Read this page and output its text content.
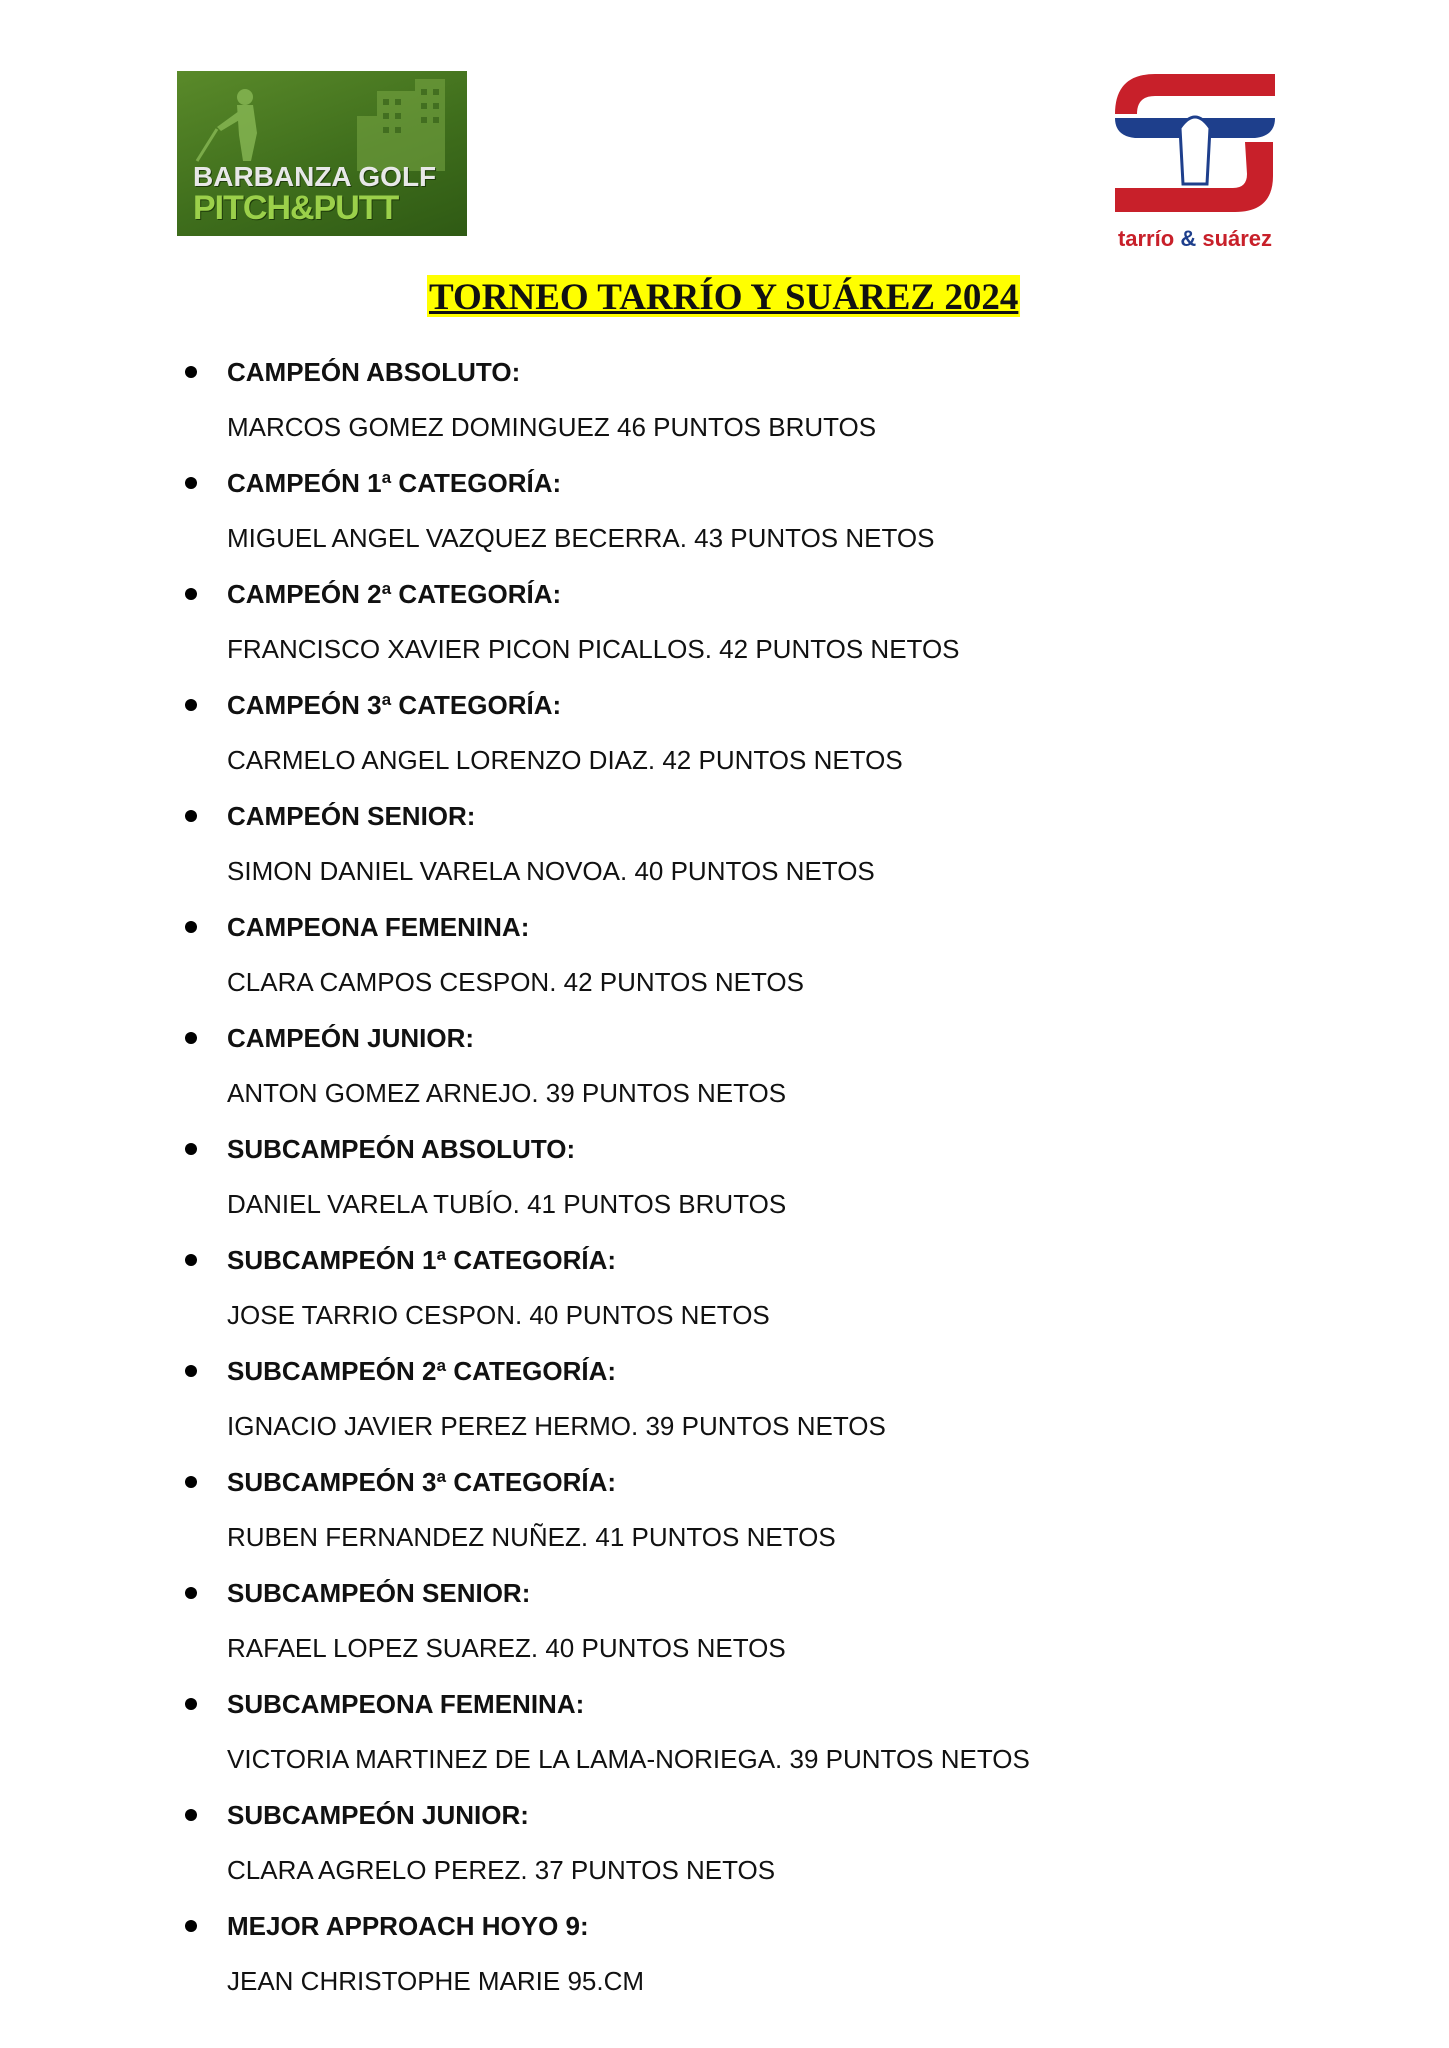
BARBANZA GOLF
PITCH&PUTT
tarrío & suárez
TORNEO TARRÍO Y SUÁREZ 2024
CAMPEÓN ABSOLUTO:
MARCOS GOMEZ DOMINGUEZ 46 PUNTOS BRUTOS
CAMPEÓN 1ª CATEGORÍA:
MIGUEL ANGEL VAZQUEZ BECERRA. 43 PUNTOS NETOS
CAMPEÓN 2ª CATEGORÍA:
FRANCISCO XAVIER PICON PICALLOS. 42 PUNTOS NETOS
CAMPEÓN 3ª CATEGORÍA:
CARMELO ANGEL LORENZO DIAZ. 42 PUNTOS NETOS
CAMPEÓN SENIOR:
SIMON DANIEL VARELA NOVOA. 40 PUNTOS NETOS
CAMPEONA FEMENINA:
CLARA CAMPOS CESPON. 42 PUNTOS NETOS
CAMPEÓN JUNIOR:
ANTON GOMEZ ARNEJO. 39 PUNTOS NETOS
SUBCAMPEÓN ABSOLUTO:
DANIEL VARELA TUBÍO. 41 PUNTOS BRUTOS
SUBCAMPEÓN 1ª CATEGORÍA:
JOSE TARRIO CESPON. 40 PUNTOS NETOS
SUBCAMPEÓN 2ª CATEGORÍA:
IGNACIO JAVIER PEREZ HERMO. 39 PUNTOS NETOS
SUBCAMPEÓN 3ª CATEGORÍA:
RUBEN FERNANDEZ NUÑEZ. 41 PUNTOS NETOS
SUBCAMPEÓN SENIOR:
RAFAEL LOPEZ SUAREZ. 40 PUNTOS NETOS
SUBCAMPEONA FEMENINA:
VICTORIA MARTINEZ DE LA LAMA-NORIEGA. 39 PUNTOS NETOS
SUBCAMPEÓN JUNIOR:
CLARA AGRELO PEREZ. 37 PUNTOS NETOS
MEJOR APPROACH HOYO 9:
JEAN CHRISTOPHE MARIE 95.CM
